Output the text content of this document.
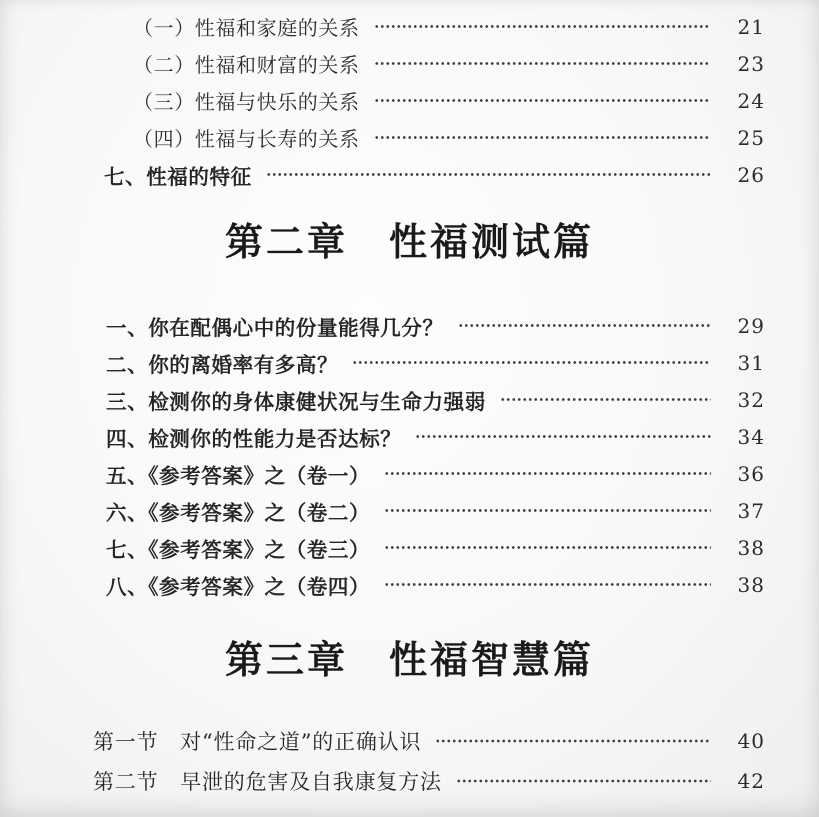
（一）性福和家庭的关系	21
（二）性福和财富的关系	23
（三）性福与快乐的关系	24
（四）性福与长寿的关系	25
七、性福的特征	26
第二章　性福测试篇
一、你在配偶心中的份量能得几分？	29
二、你的离婚率有多高？	31
三、检测你的身体康健状况与生命力强弱	32
四、检测你的性能力是否达标？	34
五、《参考答案》之（卷一）	36
六、《参考答案》之（卷二）	37
七、《参考答案》之（卷三）	38
八、《参考答案》之（卷四）	38
第三章　性福智慧篇
第一节　对“性命之道”的正确认识	40
第二节　早泄的危害及自我康复方法	42
